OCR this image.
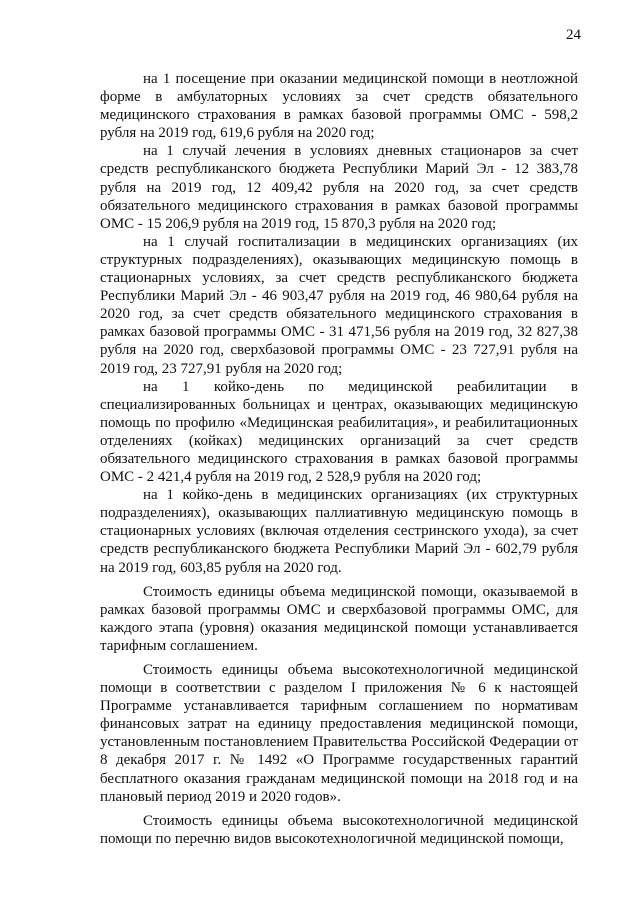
24

на 1 посещение при оказании медицинской помощи в неотложной форме в амбулаторных условиях за счет средств обязательного медицинского страхования в рамках базовой программы ОМС - 598,2 рубля на 2019 год, 619,6 рубля на 2020 год;

на 1 случай лечения в условиях дневных стационаров за счет средств республиканского бюджета Республики Марий Эл - 12 383,78 рубля на 2019 год, 12 409,42 рубля на 2020 год, за счет средств обязательного медицинского страхования в рамках базовой программы ОМС - 15 206,9 рубля на 2019 год, 15 870,3 рубля на 2020 год;

на 1 случай госпитализации в медицинских организациях (их структурных подразделениях), оказывающих медицинскую помощь в стационарных условиях, за счет средств республиканского бюджета Республики Марий Эл - 46 903,47 рубля на 2019 год, 46 980,64 рубля на 2020 год, за счет средств обязательного медицинского страхования в рамках базовой программы ОМС - 31 471,56 рубля на 2019 год, 32 827,38 рубля на 2020 год, сверхбазовой программы ОМС - 23 727,91 рубля на 2019 год, 23 727,91 рубля на 2020 год;

на 1 койко-день по медицинской реабилитации в специализированных больницах и центрах, оказывающих медицинскую помощь по профилю «Медицинская реабилитация», и реабилитационных отделениях (койках) медицинских организаций за счет средств обязательного медицинского страхования в рамках базовой программы ОМС - 2 421,4 рубля на 2019 год, 2 528,9 рубля на 2020 год;

на 1 койко-день в медицинских организациях (их структурных подразделениях), оказывающих паллиативную медицинскую помощь в стационарных условиях (включая отделения сестринского ухода), за счет средств республиканского бюджета Республики Марий Эл - 602,79 рубля на 2019 год, 603,85 рубля на 2020 год.

Стоимость единицы объема медицинской помощи, оказываемой в рамках базовой программы ОМС и сверхбазовой программы ОМС, для каждого этапа (уровня) оказания медицинской помощи устанавливается тарифным соглашением.

Стоимость единицы объема высокотехнологичной медицинской помощи в соответствии с разделом I приложения № 6 к настоящей Программе устанавливается тарифным соглашением по нормативам финансовых затрат на единицу предоставления медицинской помощи, установленным постановлением Правительства Российской Федерации от 8 декабря 2017 г. № 1492 «О Программе государственных гарантий бесплатного оказания гражданам медицинской помощи на 2018 год и на плановый период 2019 и 2020 годов».

Стоимость единицы объема высокотехнологичной медицинской помощи по перечню видов высокотехнологичной медицинской помощи,
